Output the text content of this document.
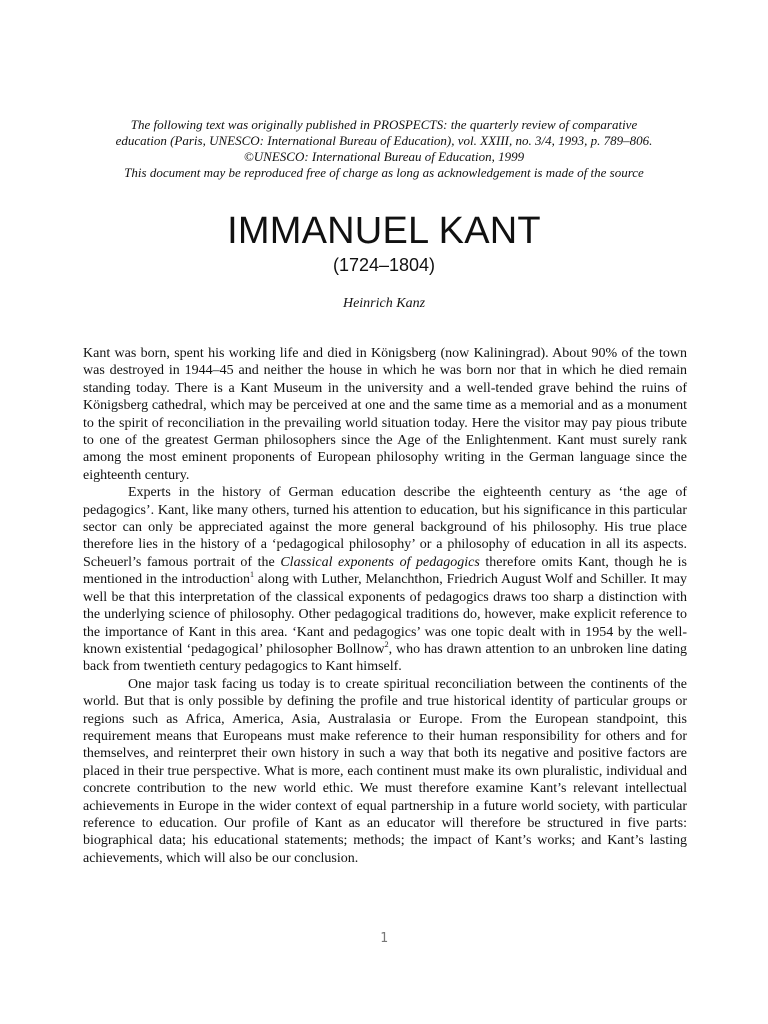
The following text was originally published in PROSPECTS: the quarterly review of comparative
education (Paris, UNESCO: International Bureau of Education), vol. XXIII, no. 3/4, 1993, p. 789–806.
©UNESCO: International Bureau of Education, 1999
This document may be reproduced free of charge as long as acknowledgement is made of the source
IMMANUEL KANT
(1724–1804)
Heinrich Kanz

Kant was born, spent his working life and died in Königsberg (now Kaliningrad). About 90% of the town was destroyed in 1944–45 and neither the house in which he was born nor that in which he died remain standing today. There is a Kant Museum in the university and a well-tended grave behind the ruins of Königsberg cathedral, which may be perceived at one and the same time as a memorial and as a monument to the spirit of reconciliation in the prevailing world situation today. Here the visitor may pay pious tribute to one of the greatest German philosophers since the Age of the Enlightenment. Kant must surely rank among the most eminent proponents of European philosophy writing in the German language since the eighteenth century.

Experts in the history of German education describe the eighteenth century as ‘the age of pedagogics’. Kant, like many others, turned his attention to education, but his significance in this particular sector can only be appreciated against the more general background of his philosophy. His true place therefore lies in the history of a ‘pedagogical philosophy’ or a philosophy of education in all its aspects. Scheuerl’s famous portrait of the Classical exponents of pedagogics therefore omits Kant, though he is mentioned in the introduction$^1$ along with Luther, Melanchthon, Friedrich August Wolf and Schiller. It may well be that this interpretation of the classical exponents of pedagogics draws too sharp a distinction with the underlying science of philosophy. Other pedagogical traditions do, however, make explicit reference to the importance of Kant in this area. ‘Kant and pedagogics’ was one topic dealt with in 1954 by the well-known existential ‘pedagogical’ philosopher Bollnow$^2$, who has drawn attention to an unbroken line dating back from twentieth century pedagogics to Kant himself.

One major task facing us today is to create spiritual reconciliation between the continents of the world. But that is only possible by defining the profile and true historical identity of particular groups or regions such as Africa, America, Asia, Australasia or Europe. From the European standpoint, this requirement means that Europeans must make reference to their human responsibility for others and for themselves, and reinterpret their own history in such a way that both its negative and positive factors are placed in their true perspective. What is more, each continent must make its own pluralistic, individual and concrete contribution to the new world ethic. We must therefore examine Kant’s relevant intellectual achievements in Europe in the wider context of equal partnership in a future world society, with particular reference to education. Our profile of Kant as an educator will therefore be structured in five parts: biographical data; his educational statements; methods; the impact of Kant’s works; and Kant’s lasting achievements, which will also be our conclusion.

1
